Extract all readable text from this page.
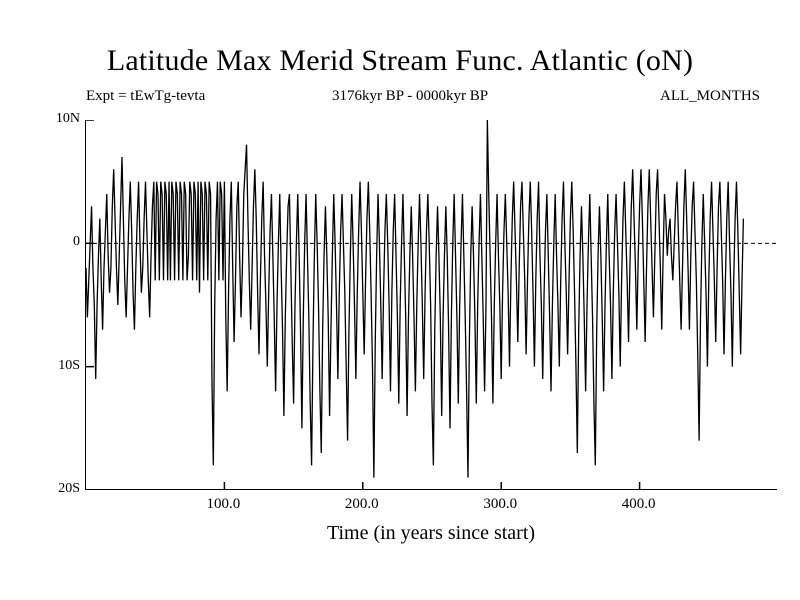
Latitude Max Merid Stream Func. Atlantic (oN)
Expt = tEwTg-tevta	3176kyr BP - 0000kyr BP	ALL_MONTHS
10N
0
10S
20S
100.0	200.0	300.0	400.0
Time (in years since start)
